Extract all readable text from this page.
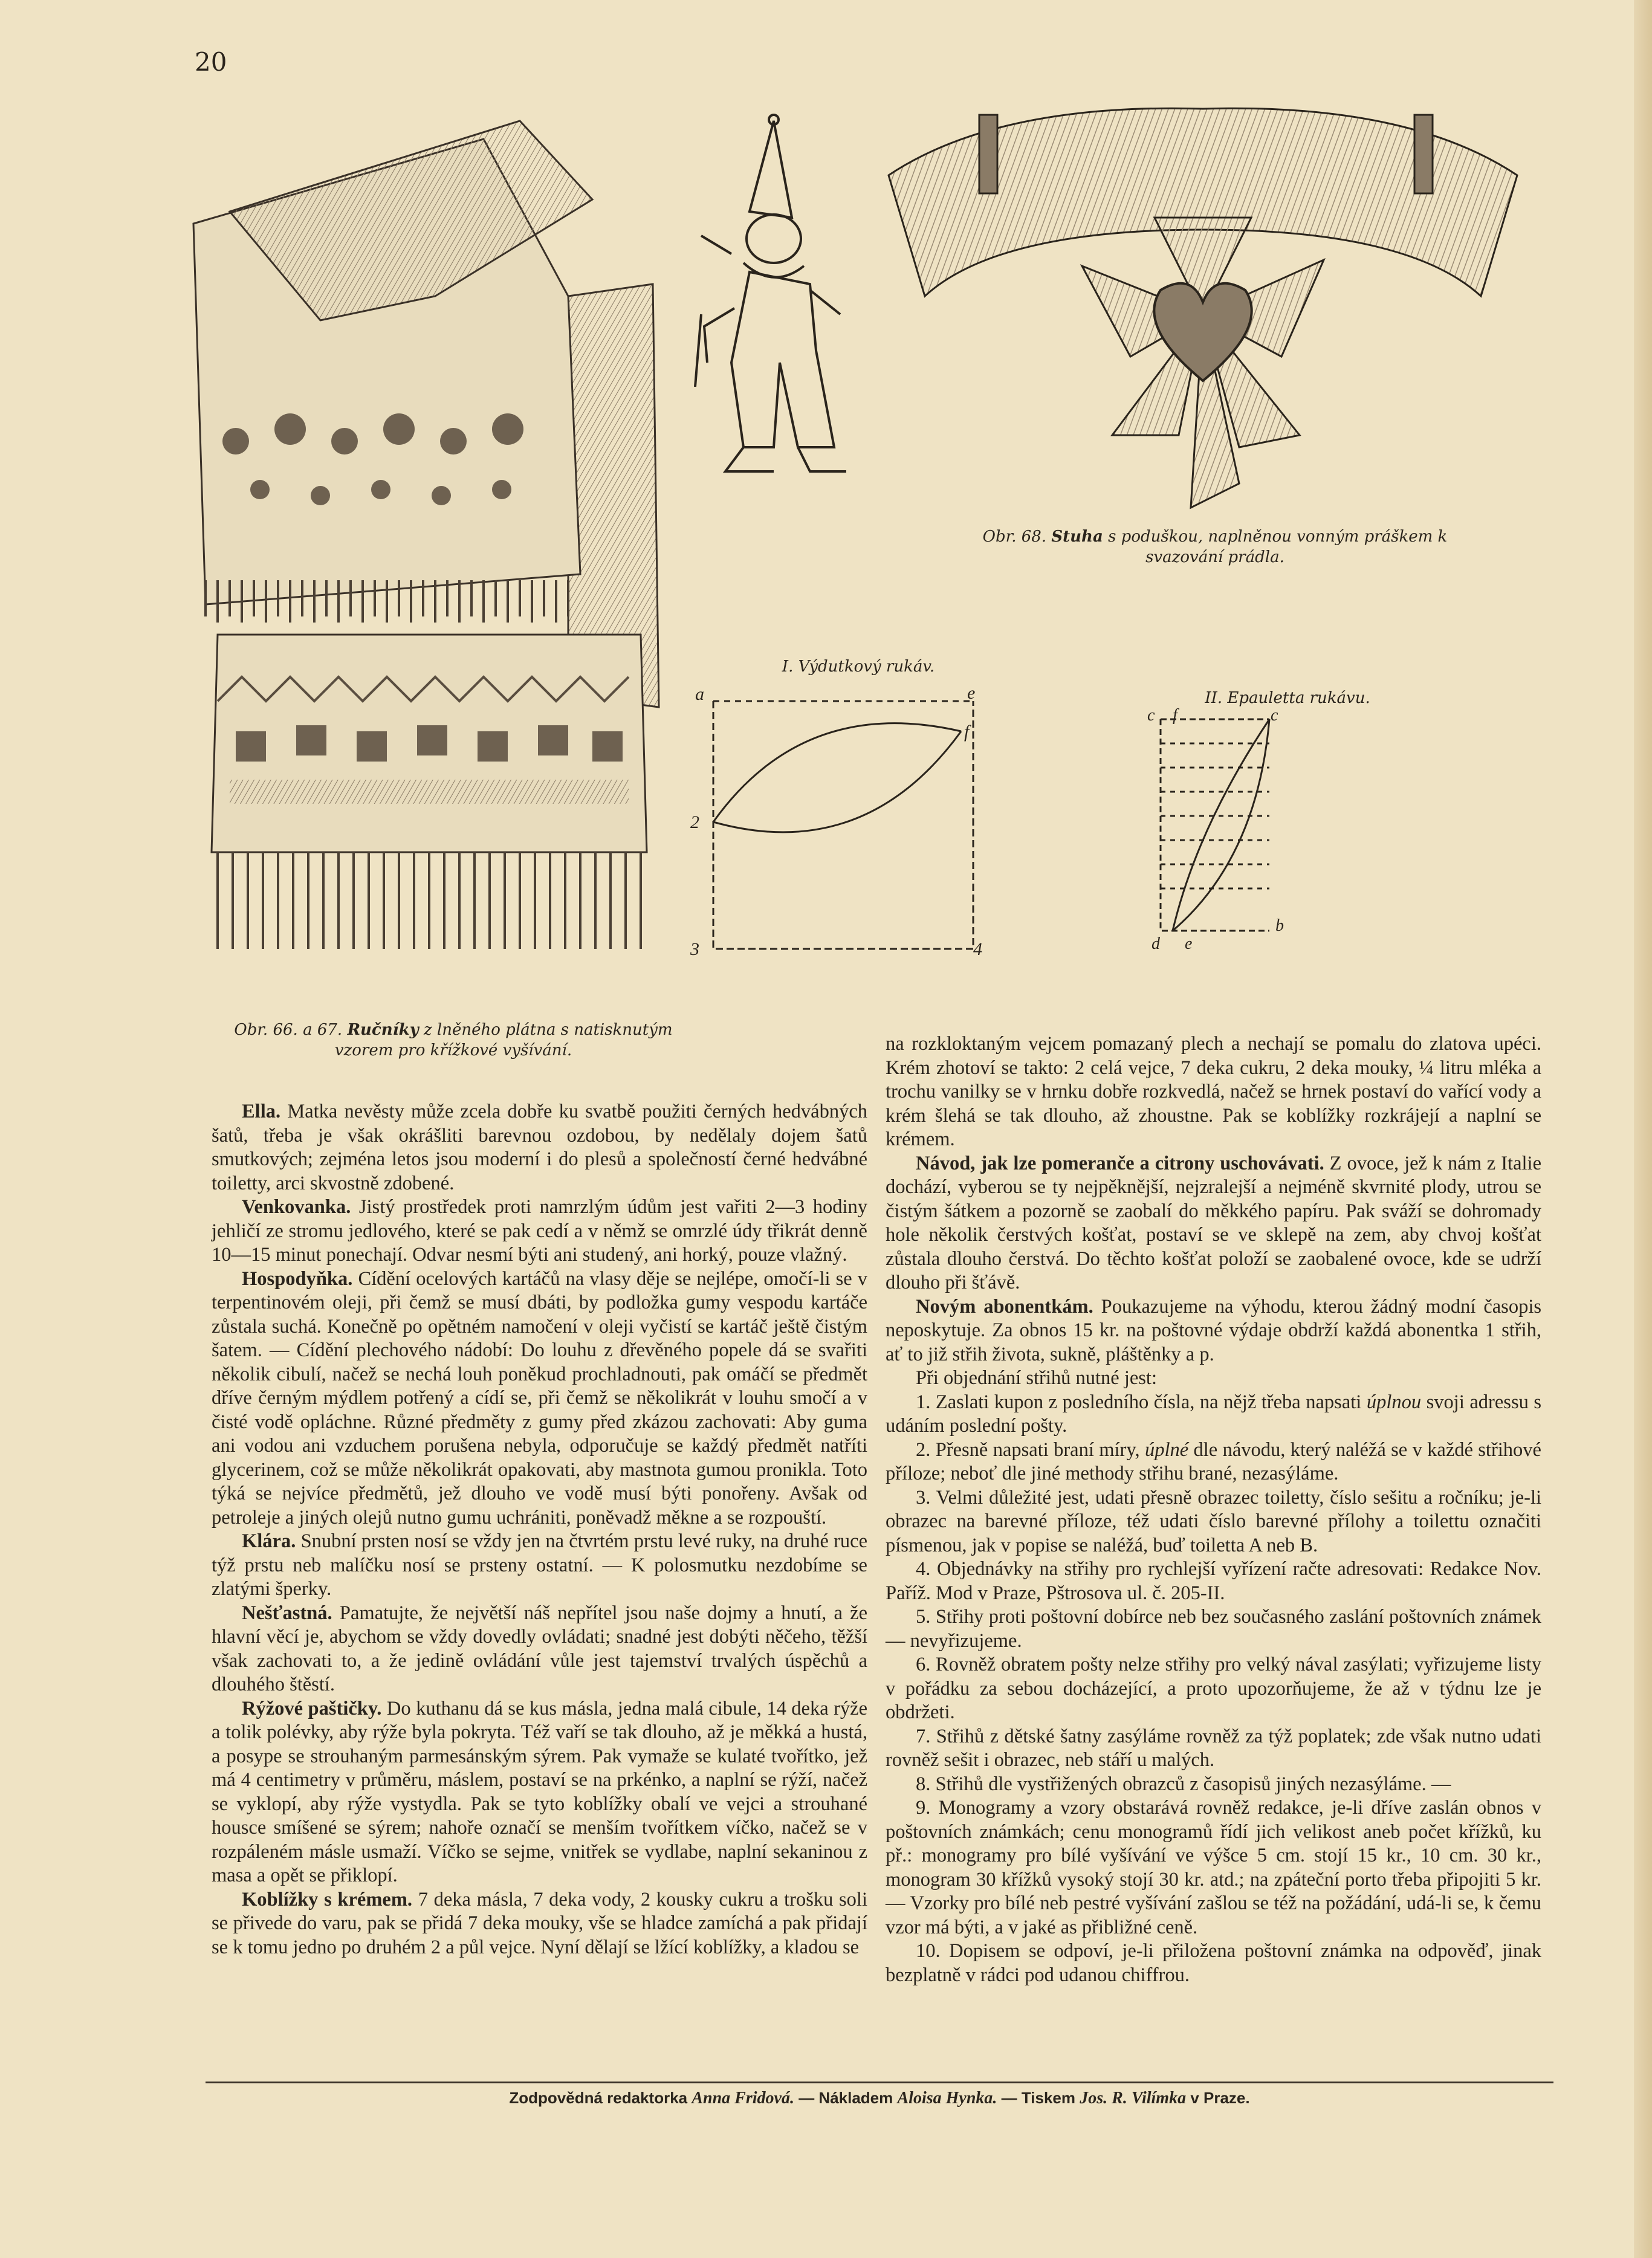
20
Obr. 66. a 67. Ručníky z lněného plátna s natisknutým vzorem pro křížkové vyšívání.
Obr. 68. Stuha s poduškou, naplněnou vonným práškem k svazování prádla.
I. Výdutkový rukáv.
a	e
f
2
3	4
II. Epauletta rukávu.
c f	c
b
d e

Ella. Matka nevěsty může zcela dobře ku svatbě použiti černých hedvábných šatů, třeba je však okrášliti barevnou ozdobou, by nedělaly dojem šatů smutkových; zejména letos jsou moderní i do plesů a společností černé hedvábné toiletty, arci skvostně zdobené.

Venkovanka. Jistý prostředek proti namrzlým údům jest vařiti 2—3 hodiny jehličí ze stromu jedlového, které se pak cedí a v němž se omrzlé údy třikrát denně 10—15 minut ponechají. Odvar nesmí býti ani studený, ani horký, pouze vlažný.

Hospodyňka. Cídění ocelových kartáčů na vlasy děje se nejlépe, omočí-li se v terpentinovém oleji, při čemž se musí dbáti, by podložka gumy vespodu kartáče zůstala suchá. Konečně po opětném namočení v oleji vyčistí se kartáč ještě čistým šatem. — Cídění plechového nádobí: Do louhu z dřevěného popele dá se svařiti několik cibulí, načež se nechá louh poněkud prochladnouti, pak omáčí se předmět dříve černým mýdlem potřený a cídí se, při čemž se několikrát v louhu smočí a v čisté vodě opláchne. Různé předměty z gumy před zkázou zachovati: Aby guma ani vodou ani vzduchem porušena nebyla, odporučuje se každý předmět natříti glycerinem, což se může několikrát opakovati, aby mastnota gumou pronikla. Toto týká se nejvíce předmětů, jež dlouho ve vodě musí býti ponořeny. Avšak od petroleje a jiných olejů nutno gumu uchrániti, poněvadž měkne a se rozpouští.

Klára. Snubní prsten nosí se vždy jen na čtvrtém prstu levé ruky, na druhé ruce týž prstu neb malíčku nosí se prsteny ostatní. — K polosmutku nezdobíme se zlatými šperky.

Nešťastná. Pamatujte, že největší náš nepřítel jsou naše dojmy a hnutí, a že hlavní věcí je, abychom se vždy dovedly ovládati; snadné jest dobýti něčeho, těžší však zachovati to, a že jedině ovládání vůle jest tajemství trvalých úspěchů a dlouhého štěstí.

Rýžové paštičky. Do kuthanu dá se kus másla, jedna malá cibule, 14 deka rýže a tolik polévky, aby rýže byla pokryta. Též vaří se tak dlouho, až je měkká a hustá, a posype se strouhaným parmesánským sýrem. Pak vymaže se kulaté tvořítko, jež má 4 centimetry v průměru, máslem, postaví se na prkénko, a naplní se rýží, načež se vyklopí, aby rýže vystydla. Pak se tyto koblížky obalí ve vejci a strouhané housce smíšené se sýrem; nahoře označí se menším tvořítkem víčko, načež se v rozpáleném másle usmaží. Víčko se sejme, vnitřek se vydlabe, naplní sekaninou z masa a opět se přiklopí.

Koblížky s krémem. 7 deka másla, 7 deka vody, 2 kousky cukru a trošku soli se přivede do varu, pak se přidá 7 deka mouky, vše se hladce zamíchá a pak přidají se k tomu jedno po druhém 2 a půl vejce. Nyní dělají se lžící koblížky, a kladou se

na rozkloktaným vejcem pomazaný plech a nechají se pomalu do zlatova upéci. Krém zhotoví se takto: 2 celá vejce, 7 deka cukru, 2 deka mouky, ¼ litru mléka a trochu vanilky se v hrnku dobře rozkvedlá, načež se hrnek postaví do vařící vody a krém šlehá se tak dlouho, až zhoustne. Pak se koblížky rozkrájejí a naplní se krémem.

Návod, jak lze pomeranče a citrony uschovávati. Z ovoce, jež k nám z Italie dochází, vyberou se ty nejpěknější, nejzralejší a nejméně skvrnité plody, utrou se čistým šátkem a pozorně se zaobalí do měkkého papíru. Pak sváží se dohromady hole několik čerstvých košťat, postaví se ve sklepě na zem, aby chvoj košťat zůstala dlouho čerstvá. Do těchto košťat položí se zaobalené ovoce, kde se udrží dlouho při šťávě.

Novým abonentkám. Poukazujeme na výhodu, kterou žádný modní časopis neposkytuje. Za obnos 15 kr. na poštovné výdaje obdrží každá abonentka 1 střih, ať to již střih života, sukně, pláštěnky a p.

Při objednání střihů nutné jest:

1. Zaslati kupon z posledního čísla, na nějž třeba napsati úplnou svoji adressu s udáním poslední pošty.

2. Přesně napsati braní míry, úplné dle návodu, který naléžá se v každé střihové příloze; neboť dle jiné methody střihu brané, nezasýláme.

3. Velmi důležité jest, udati přesně obrazec toiletty, číslo sešitu a ročníku; je-li obrazec na barevné příloze, též udati číslo barevné přílohy a toilettu označiti písmenou, jak v popise se naléžá, buď toiletta A neb B.

4. Objednávky na střihy pro rychlejší vyřízení račte adresovati: Redakce Nov. Paříž. Mod v Praze, Pštrosova ul. č. 205-II.

5. Střihy proti poštovní dobírce neb bez současného zaslání poštovních známek — nevyřizujeme.

6. Rovněž obratem pošty nelze střihy pro velký nával zasýlati; vyřizujeme listy v pořádku za sebou docházející, a proto upozorňujeme, že až v týdnu lze je obdržeti.

7. Střihů z dětské šatny zasýláme rovněž za týž poplatek; zde však nutno udati rovněž sešit i obrazec, neb stáří u malých.

8. Střihů dle vystřižených obrazců z časopisů jiných nezasýláme. —

9. Monogramy a vzory obstarává rovněž redakce, je-li dříve zaslán obnos v poštovních známkách; cenu monogramů řídí jich velikost aneb počet křížků, ku př.: monogramy pro bílé vyšívání ve výšce 5 cm. stojí 15 kr., 10 cm. 30 kr., monogram 30 křížků vysoký stojí 30 kr. atd.; na zpáteční porto třeba připojiti 5 kr. — Vzorky pro bílé neb pestré vyšívání zašlou se též na požádání, udá-li se, k čemu vzor má býti, a v jaké as přibližné ceně.

10. Dopisem se odpoví, je-li přiložena poštovní známka na odpověď, jinak bezplatně v rádci pod udanou chiffrou.

Zodpovědná redaktorka Anna Fridová. — Nákladem Aloisa Hynka. — Tiskem Jos. R. Vilímka v Praze.
